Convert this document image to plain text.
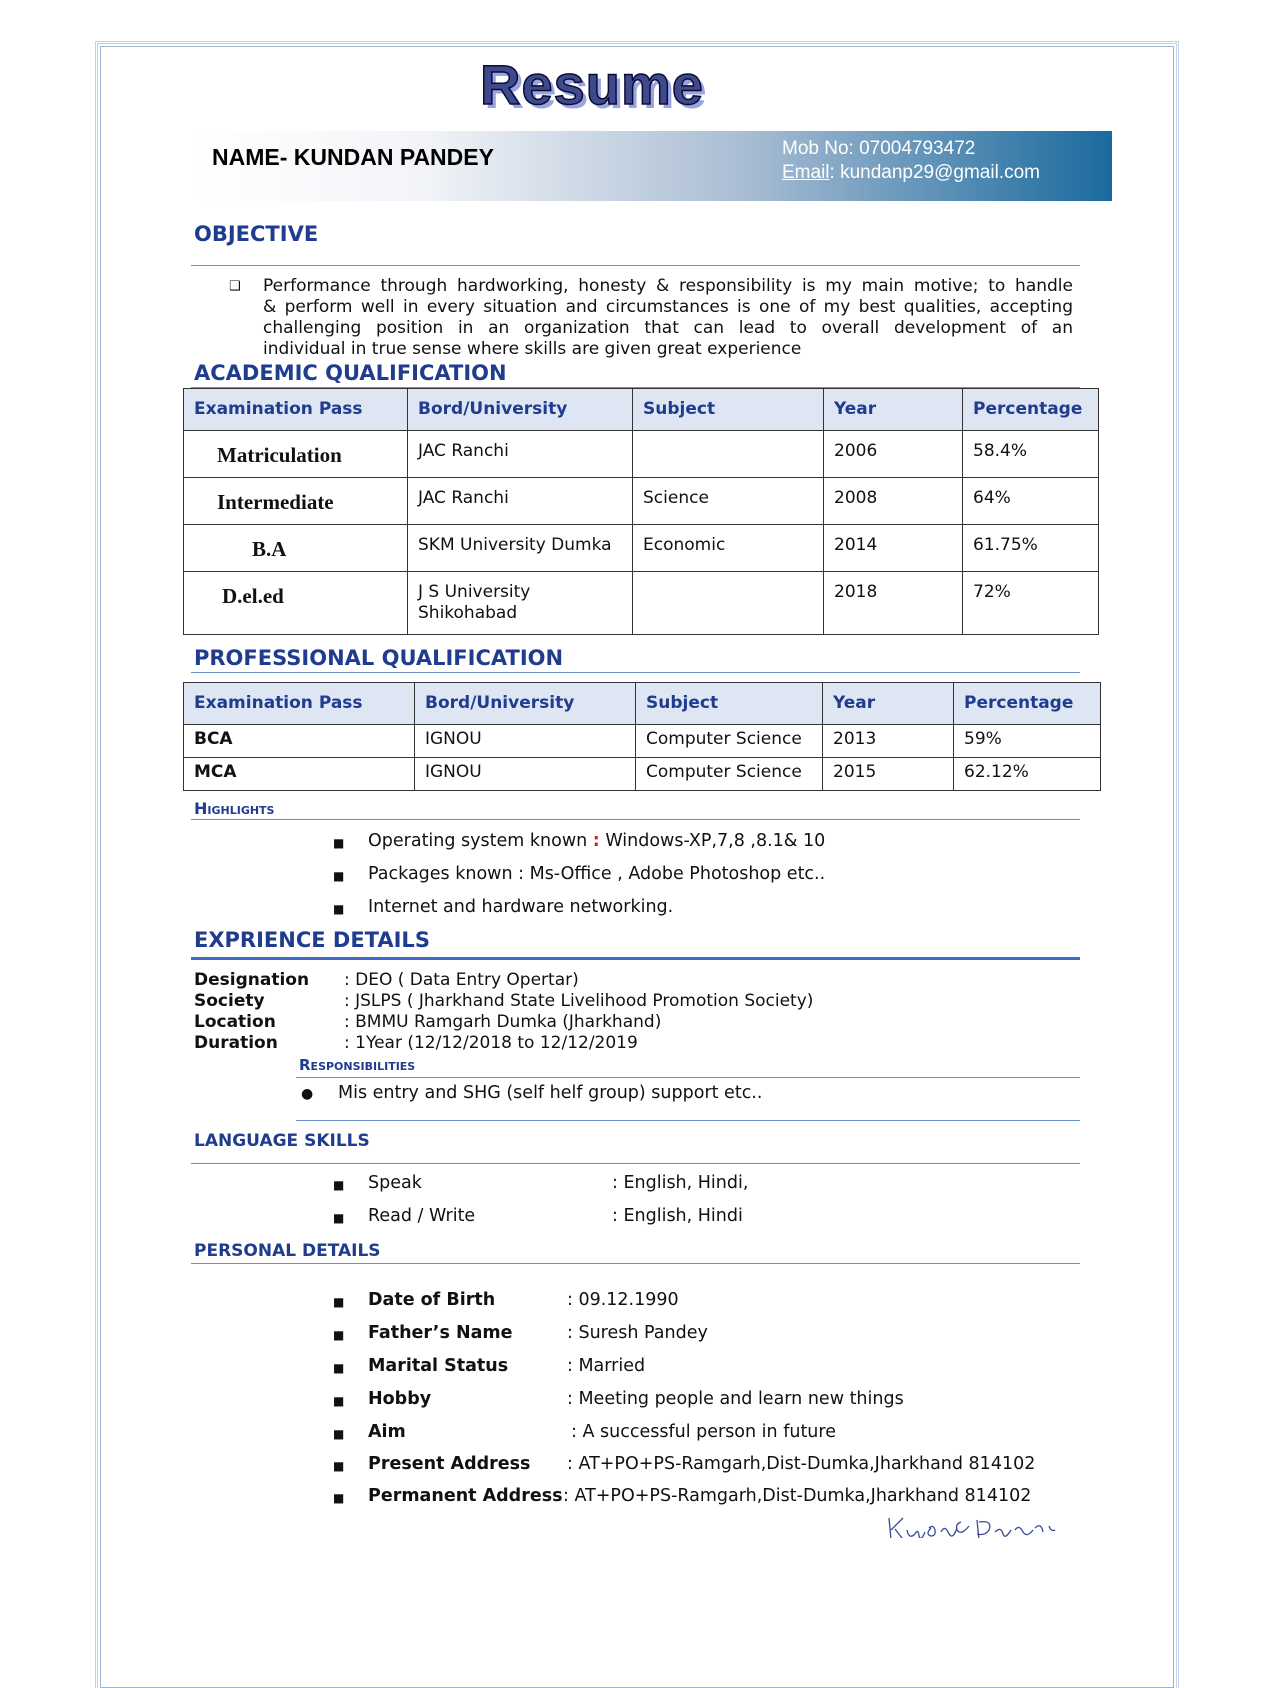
Resume
NAME- KUNDAN PANDEY	Mob No: 07004793472
Email: kundanp29@gmail.com
OBJECTIVE
❑ Performance through hardworking, honesty & responsibility is my main motive; to handle
& perform well in every situation and circumstances is one of my best qualities, accepting
challenging position in an organization that can lead to overall development of an
individual in true sense where skills are given great experience
ACADEMIC QUALIFICATION
Examination Pass	Bord/University	Subject	Year	Percentage
Matriculation	JAC Ranchi		2006	58.4%
Intermediate	JAC Ranchi	Science	2008	64%
B.A	SKM University Dumka	Economic	2014	61.75%
D.el.ed	J S University Shikohabad		2018	72%
PROFESSIONAL QUALIFICATION
Examination Pass	Bord/University	Subject	Year	Percentage
BCA	IGNOU	Computer Science	2013	59%
MCA	IGNOU	Computer Science	2015	62.12%
Highlights
■ Operating system known : Windows-XP,7,8 ,8.1& 10
■ Packages known : Ms-Office , Adobe Photoshop etc..
■ Internet and hardware networking.
EXPRIENCE DETAILS
Designation	: DEO ( Data Entry Opertar)
Society	: JSLPS ( Jharkhand State Livelihood Promotion Society)
Location	: BMMU Ramgarh Dumka (Jharkhand)
Duration	: 1Year (12/12/2018 to 12/12/2019
Responsibilities
● Mis entry and SHG (self helf group) support etc..
LANGUAGE SKILLS
■ Speak	: English, Hindi,
■ Read / Write	: English, Hindi
PERSONAL DETAILS
■ Date of Birth	: 09.12.1990
■ Father’s Name	: Suresh Pandey
■ Marital Status	: Married
■ Hobby	: Meeting people and learn new things
■ Aim	: A successful person in future
■ Present Address : AT+PO+PS-Ramgarh,Dist-Dumka,Jharkhand 814102
■ Permanent Address : AT+PO+PS-Ramgarh,Dist-Dumka,Jharkhand 814102
